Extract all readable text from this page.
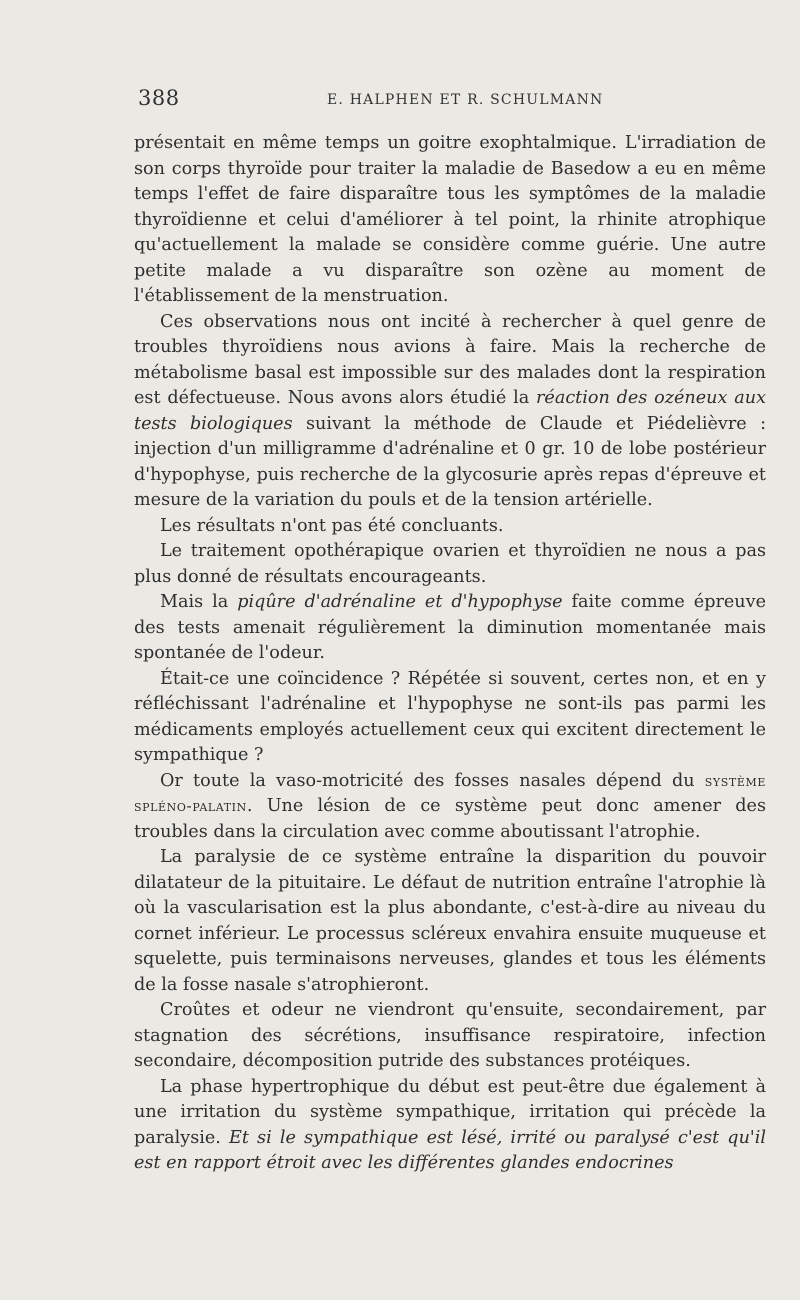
388	E. HALPHEN ET R. SCHULMANN

présentait en même temps un goitre exophtalmique. L'irradiation de son corps thyroïde pour traiter la maladie de Basedow a eu en même temps l'effet de faire disparaître tous les symptômes de la maladie thyroïdienne et celui d'améliorer à tel point, la rhinite atrophique qu'actuellement la malade se considère comme guérie. Une autre petite malade a vu disparaître son ozène au moment de l'établissement de la menstruation.

Ces observations nous ont incité à rechercher à quel genre de troubles thyroïdiens nous avions à faire. Mais la recherche de métabolisme basal est impossible sur des malades dont la respiration est défectueuse. Nous avons alors étudié la réaction des ozéneux aux tests biologiques suivant la méthode de Claude et Piédelièvre : injection d'un milligramme d'adrénaline et 0 gr. 10 de lobe postérieur d'hypophyse, puis recherche de la glycosurie après repas d'épreuve et mesure de la variation du pouls et de la tension artérielle.

Les résultats n'ont pas été concluants.

Le traitement opothérapique ovarien et thyroïdien ne nous a pas plus donné de résultats encourageants.

Mais la piqûre d'adrénaline et d'hypophyse faite comme épreuve des tests amenait régulièrement la diminution momentanée mais spontanée de l'odeur.

Était-ce une coïncidence ? Répétée si souvent, certes non, et en y réfléchissant l'adrénaline et l'hypophyse ne sont-ils pas parmi les médicaments employés actuellement ceux qui excitent directement le sympathique ?

Or toute la vaso-motricité des fosses nasales dépend du système spléno-palatin. Une lésion de ce système peut donc amener des troubles dans la circulation avec comme aboutissant l'atrophie.

La paralysie de ce système entraîne la disparition du pouvoir dilatateur de la pituitaire. Le défaut de nutrition entraîne l'atrophie là où la vascularisation est la plus abondante, c'est-à-dire au niveau du cornet inférieur. Le processus scléreux envahira ensuite muqueuse et squelette, puis terminaisons nerveuses, glandes et tous les éléments de la fosse nasale s'atrophieront.

Croûtes et odeur ne viendront qu'ensuite, secondairement, par stagnation des sécrétions, insuffisance respiratoire, infection secondaire, décomposition putride des substances protéiques.

La phase hypertrophique du début est peut-être due également à une irritation du système sympathique, irritation qui précède la paralysie. Et si le sympathique est lésé, irrité ou paralysé c'est qu'il est en rapport étroit avec les différentes glandes endocrines
